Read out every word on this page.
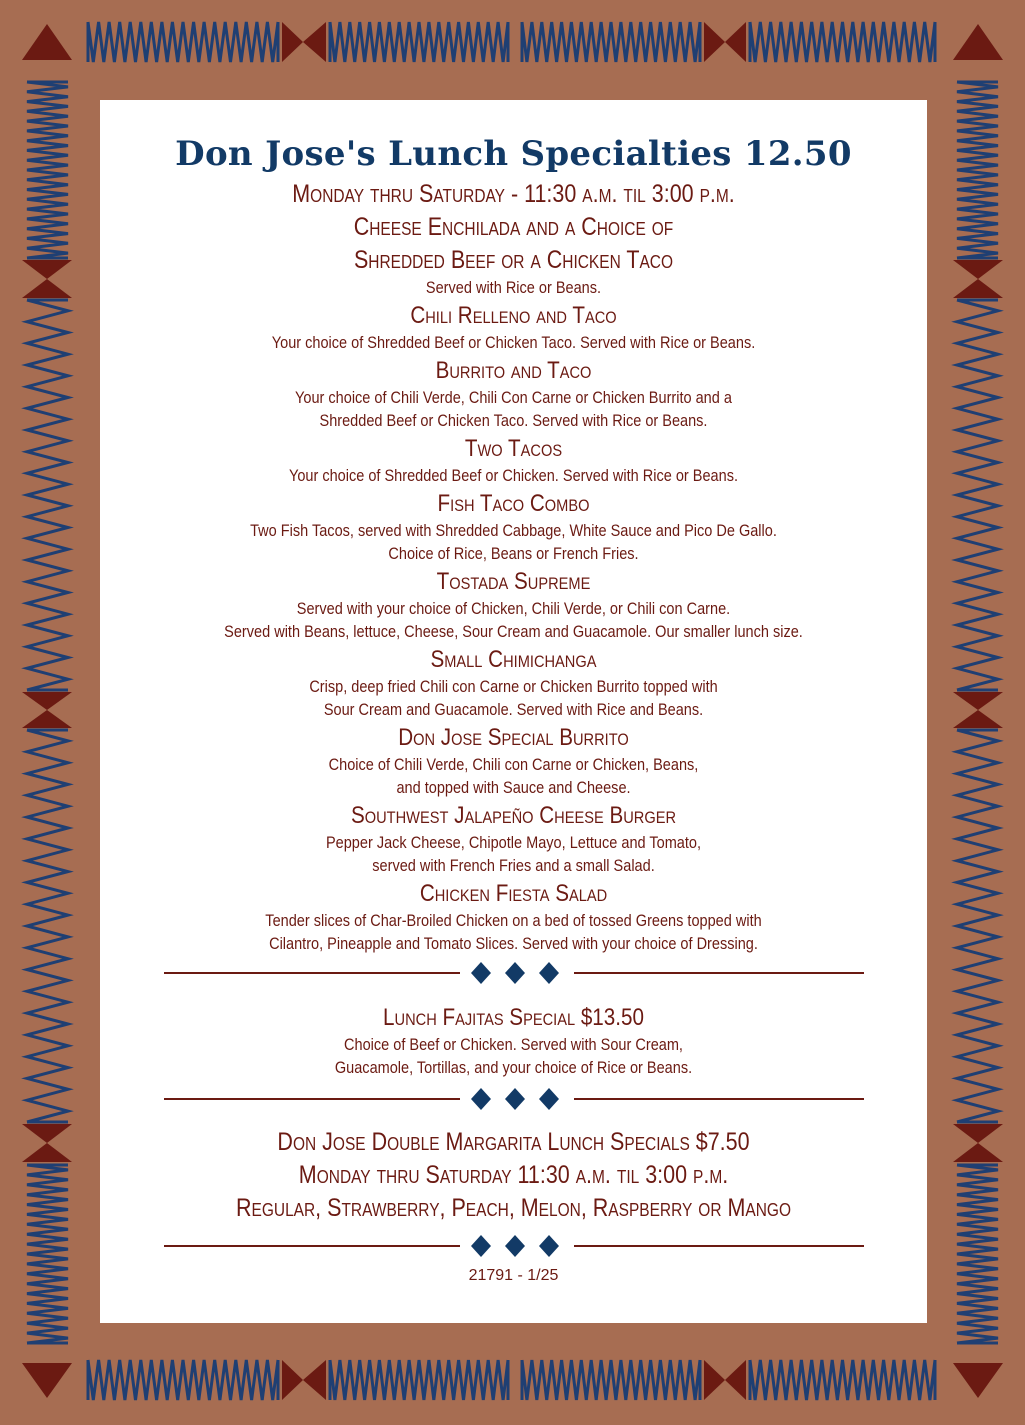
Don Jose's Lunch Specialties 12.50
Monday thru Saturday - 11:30 a.m. til 3:00 p.m.
Cheese Enchilada and a Choice of
Shredded Beef or a Chicken Taco
Served with Rice or Beans.
Chili Relleno and Taco
Your choice of Shredded Beef or Chicken Taco. Served with Rice or Beans.
Burrito and Taco
Your choice of Chili Verde, Chili Con Carne or Chicken Burrito and a
Shredded Beef or Chicken Taco. Served with Rice or Beans.
Two Tacos
Your choice of Shredded Beef or Chicken. Served with Rice or Beans.
Fish Taco Combo
Two Fish Tacos, served with Shredded Cabbage, White Sauce and Pico De Gallo.
Choice of Rice, Beans or French Fries.
Tostada Supreme
Served with your choice of Chicken, Chili Verde, or Chili con Carne.
Served with Beans, lettuce, Cheese, Sour Cream and Guacamole. Our smaller lunch size.
Small Chimichanga
Crisp, deep fried Chili con Carne or Chicken Burrito topped with
Sour Cream and Guacamole. Served with Rice and Beans.
Don Jose Special Burrito
Choice of Chili Verde, Chili con Carne or Chicken, Beans,
and topped with Sauce and Cheese.
Southwest Jalapeño Cheese Burger
Pepper Jack Cheese, Chipotle Mayo, Lettuce and Tomato,
served with French Fries and a small Salad.
Chicken Fiesta Salad
Tender slices of Char-Broiled Chicken on a bed of tossed Greens topped with
Cilantro, Pineapple and Tomato Slices. Served with your choice of Dressing.
Lunch Fajitas Special $13.50
Choice of Beef or Chicken. Served with Sour Cream,
Guacamole, Tortillas, and your choice of Rice or Beans.
Don Jose Double Margarita Lunch Specials $7.50
Monday thru Saturday 11:30 a.m. til 3:00 p.m.
Regular, Strawberry, Peach, Melon, Raspberry or Mango
21791 - 1/25
